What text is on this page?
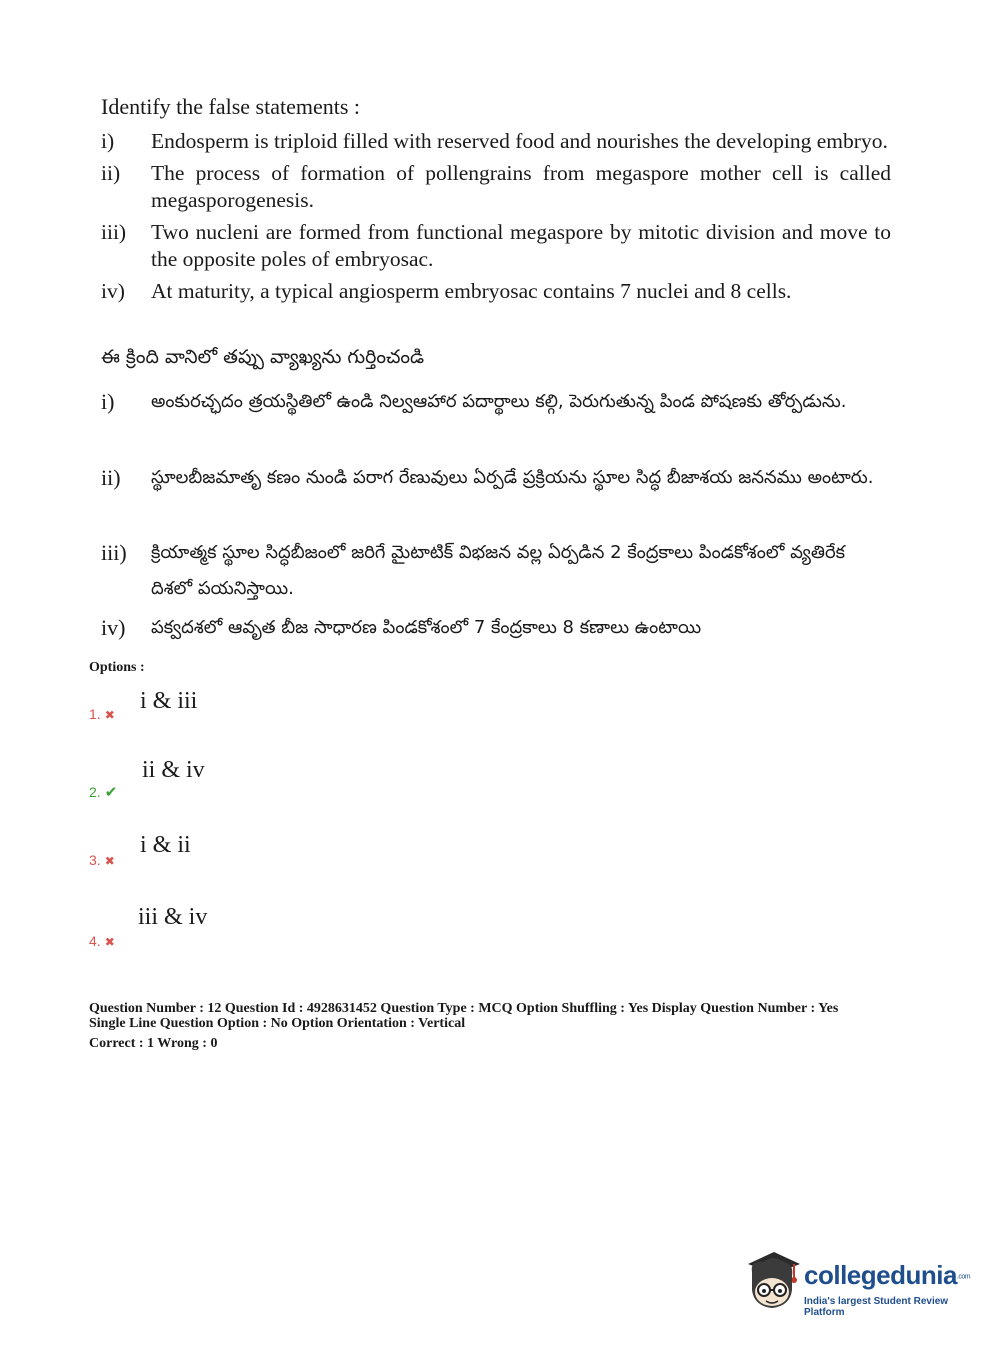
Identify the false statements :
i) Endosperm is triploid filled with reserved food and nourishes the developing embryo.
ii) The process of formation of pollengrains from megaspore mother cell is called megasporogenesis.
iii) Two nucleni are formed from functional megaspore by mitotic division and move to the opposite poles of embryosac.
iv) At maturity, a typical angiosperm embryosac contains 7 nuclei and 8 cells.
ఈ క్రింది వానిలో తప్పు వ్యాఖ్యను గుర్తించండి
i) అంకురచ్ఛదం త్రయస్థితిలో ఉండి నిల్వఆహార పదార్థాలు కల్గి, పెరుగుతున్న పిండ పోషణకు తోర్పడును.
ii) స్థూలబీజమాతృ కణం నుండి పరాగ రేణువులు ఏర్పడే ప్రక్రియను స్థూల సిద్ధ బీజాశయ జననము అంటారు.
iii) క్రియాత్మక స్థూల సిద్ధబీజంలో జరిగే మైటాటిక్ విభజన వల్ల ఏర్పడిన 2 కేంద్రకాలు పిండకోశంలో వ్యతిరేక దిశలో పయనిస్తాయి.
iv) పక్వదశలో ఆవృత బీజ సాధారణ పిండకోశంలో 7 కేంద్రకాలు 8 కణాలు ఉంటాయి
Options :
1. ✖
i & iii
2. ✔
ii & iv
3. ✖
i & ii
4. ✖
iii & iv
Question Number : 12 Question Id : 4928631452 Question Type : MCQ Option Shuffling : Yes Display Question Number : Yes
Single Line Question Option : No Option Orientation : Vertical
Correct : 1 Wrong : 0
collegedunia.com
India's largest Student Review Platform
